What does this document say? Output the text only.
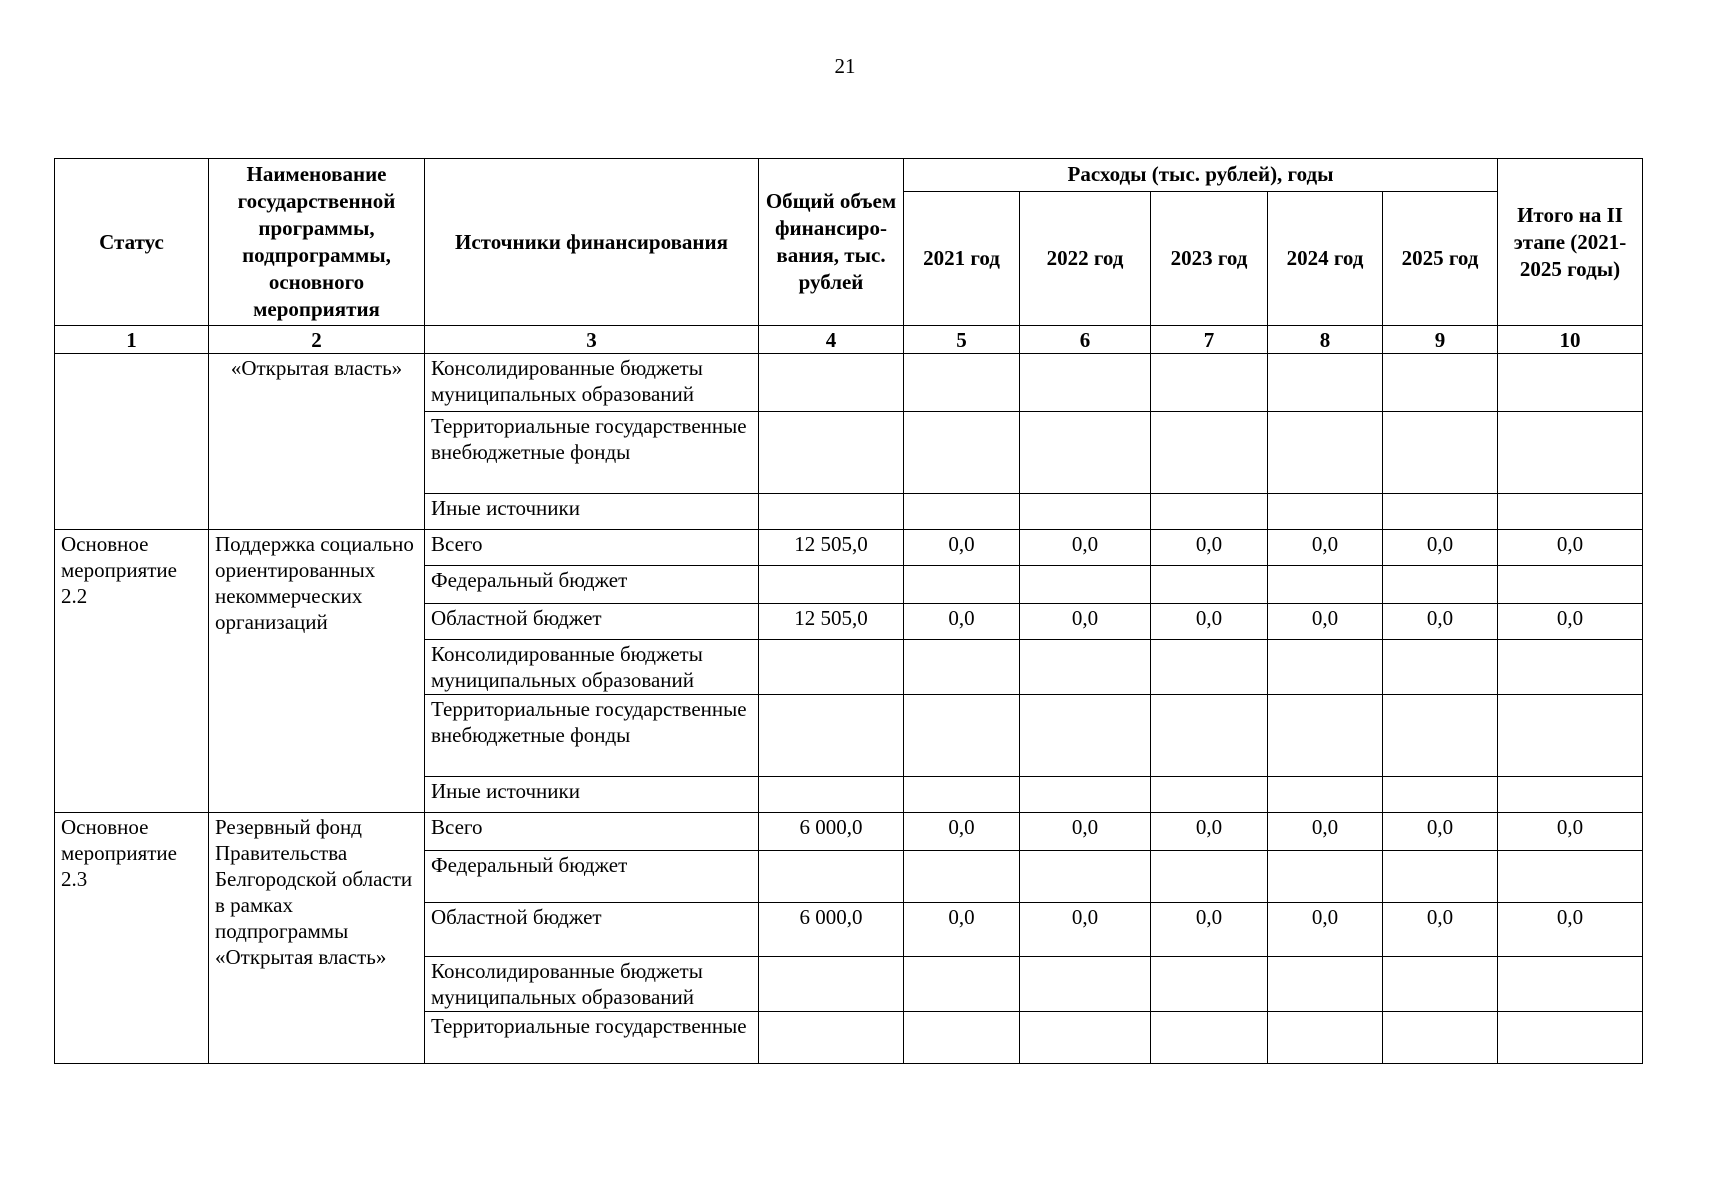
21
Статус	Наименование государственной программы, подпрограммы, основного мероприятия	Источники финансирования	Общий объем финансиро-вания, тыс. рублей	Расходы (тыс. рублей), годы					Итого на II этапе (2021-2025 годы)
				2021 год	2022 год	2023 год	2024 год	2025 год	
1	2	3	4	5	6	7	8	9	10
	«Открытая власть»	Консолидированные бюджеты муниципальных образований							
		Территориальные государственные внебюджетные фонды							
		Иные источники							
Основное мероприятие 2.2	Поддержка социально ориентированных некоммерческих организаций	Всего	12 505,0	0,0	0,0	0,0	0,0	0,0	0,0
		Федеральный бюджет							
		Областной бюджет	12 505,0	0,0	0,0	0,0	0,0	0,0	0,0
		Консолидированные бюджеты муниципальных образований							
		Территориальные государственные внебюджетные фонды							
		Иные источники							
Основное мероприятие 2.3	Резервный фонд Правительства Белгородской области в рамках подпрограммы «Открытая власть»	Всего	6 000,0	0,0	0,0	0,0	0,0	0,0	0,0
		Федеральный бюджет							
		Областной бюджет	6 000,0	0,0	0,0	0,0	0,0	0,0	0,0
		Консолидированные бюджеты муниципальных образований							
		Территориальные государственные							
